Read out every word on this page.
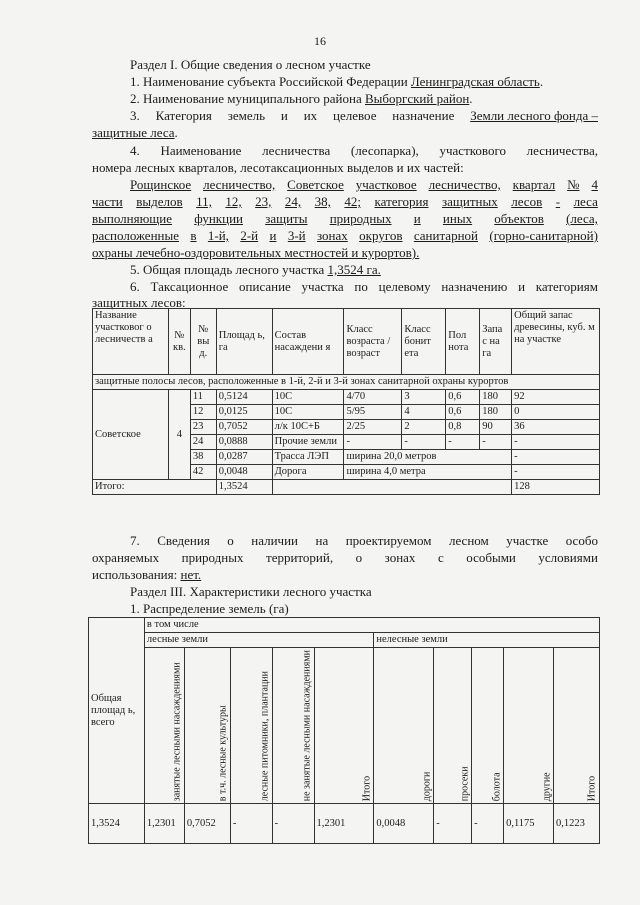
16
Раздел I. Общие сведения о лесном участке
1. Наименование субъекта Российской Федерации Ленинградская область.
2. Наименование муниципального района Выборгский район.
3. Категория земель и их целевое назначение Земли лесного фонда –
защитные леса.
4. Наименование лесничества (лесопарка), участкового лесничества,
номера лесных кварталов, лесотаксационных выделов и их частей:
Рощинское лесничество, Советское участковое лесничество, квартал № 4
части выделов 11, 12, 23, 24, 38, 42; категория защитных лесов - леса
выполняющие функции защиты природных и иных объектов (леса,
расположенные в 1-й, 2-й и 3-й зонах округов санитарной (горно-санитарной)
охраны лечебно-оздоровительных местностей и курортов).
5. Общая площадь лесного участка 1,3524 га.
6. Таксационное описание участка по целевому назначению и категориям
защитных лесов:
Название участковог о лесничеств а	№ кв.	№ вы д.	Площад ь, га	Состав насаждени я	Класс возраста /возраст	Класс бонит ета	Пол нота	Запа с на га	Общий запас древесины, куб. м на участке
защитные полосы лесов, расположенные в 1-й, 2-й и 3-й зонах санитарной охраны курортов									
Советское	4	11	0,5124	10С	4/70	3	0,6	180	92
		12	0,0125	10С	5/95	4	0,6	180	0
		23	0,7052	л/к 10С+Б	2/25	2	0,8	90	36
		24	0,0888	Прочие земли	-	-	-	-	-
		38	0,0287	Трасса ЛЭП	ширина 20,0 метров				-
		42	0,0048	Дорога	ширина 4,0 метра				-
Итого:			1,3524						128
7. Сведения о наличии на проектируемом лесном участке особо
охраняемых природных территорий, о зонах с особыми условиями
использования: нет.
Раздел III. Характеристики лесного участка
1. Распределение земель (га)
Общая площад ь, всего	в том числе									
	лесные земли					нелесные земли				
	занятые лесными насаждениями	в т.ч. лесные культуры	лесные питомники, плантации	не занятые лесными насаждениями	Итого	дороги	просеки	болота	другие	Итого
1,3524	1,2301	0,7052	-	-	1,2301	0,0048	-	-	0,1175	0,1223
